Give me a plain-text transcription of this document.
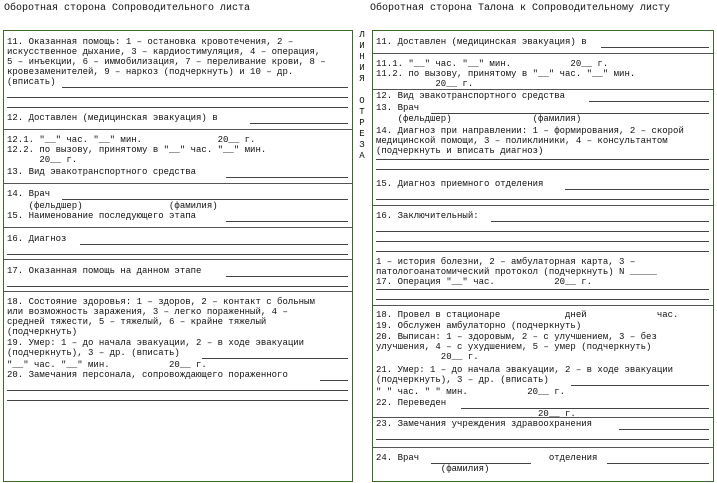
Оборотная сторона Сопроводительного листа	Оборотная сторона Талона к Сопроводительному листу
11. Оказанная помощь: 1 – остановка кровотечения, 2 –
искусственное дыхание, 3 – кардиостимуляция, 4 – операция,
5 – инъекции, 6 – иммобилизация, 7 – переливание крови, 8 –
кровезаменителей, 9 – наркоз (подчеркнуть) и 10 – др.
(вписать)
12. Доставлен (медицинская эвакуация) в
12.1. "__" час. "__" мин.              20__ г.
12.2. по вызову, принятому в "__" час. "__" мин.
20__ г.
13. Вид эвакотранспортного средства
14. Врач
(фельдшер)                (фамилия)
15. Наименование последующего этапа
16. Диагноз
17. Оказанная помощь на данном этапе
18. Состояние здоровья: 1 – здоров, 2 – контакт с больным
или возможность заражения, 3 – легко пораженный, 4 –
средней тяжести, 5 – тяжелый, 6 – крайне тяжелый
(подчеркнуть)
19. Умер: 1 – до начала эвакуации, 2 – в ходе эвакуации
(подчеркнуть), 3 – др. (вписать)
"__" час. "__" мин.           20__ г.
20. Замечания персонала, сопровождающего пораженного
Л
И
Н
И
Я
О
Т
Р
Е
З
А
11. Доставлен (медицинская эвакуация) в
11.1. "__" час. "__" мин.           20__ г.
11.2. по вызову, принятому в "__" час. "__" мин.
20__ г.
12. Вид эвакотранспортного средства
13. Врач
(фельдшер)               (фамилия)
14. Диагноз при направлении: 1 – формирования, 2 – скорой
медицинской помощи, 3 – поликлиники, 4 – консультантом
(подчеркнуть и вписать диагноз)
15. Диагноз приемного отделения
16. Заключительный:
1 – история болезни, 2 – амбулаторная карта, 3 –
патологоанатомический протокол (подчеркнуть) N _____
17. Операция "__" час.           20__ г.
18. Провел в стационаре            дней             час.
19. Обслужен амбулаторно (подчеркнуть)
20. Выписан: 1 – здоровым, 2 – с улучшением, 3 – без
улучшения, 4 – с ухудшением, 5 – умер (подчеркнуть)
20__ г.
21. Умер: 1 – до начала эвакуации, 2 – в ходе эвакуации
(подчеркнуть), 3 – др. (вписать)
" " час. " " мин.           20__ г.
22. Переведен
20__ г.
23. Замечания учреждения здравоохранения
24. Врач                        отделения
(фамилия)
